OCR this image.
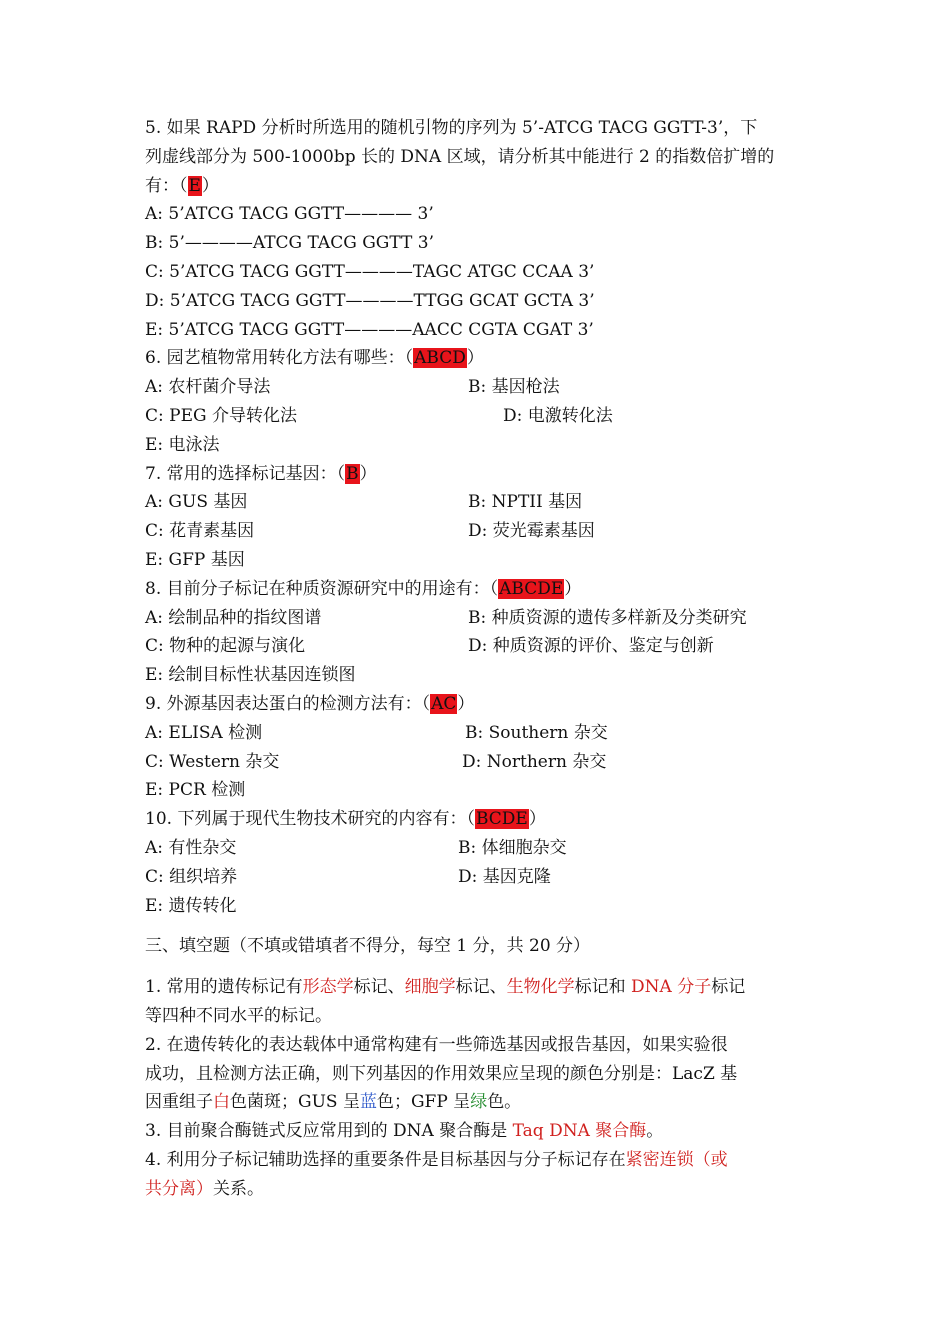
5. 如果 RAPD 分析时所选用的随机引物的序列为 5’-ATCG TACG GGTT-3’，下
列虚线部分为 500-1000bp 长的 DNA 区域，请分析其中能进行 2 的指数倍扩增的
有：（E）
A: 5’ATCG TACG GGTT———— 3’
B: 5’————ATCG TACG GGTT 3’
C: 5’ATCG TACG GGTT————TAGC ATGC CCAA 3’
D: 5’ATCG TACG GGTT————TTGG GCAT GCTA 3’
E: 5’ATCG TACG GGTT————AACC CGTA CGAT 3’
6. 园艺植物常用转化方法有哪些：（ABCD）
A: 农杆菌介导法	B: 基因枪法
C: PEG 介导转化法	D: 电激转化法
E: 电泳法
7. 常用的选择标记基因：（B）
A: GUS 基因	B: NPTII 基因
C: 花青素基因	D: 荧光霉素基因
E: GFP 基因
8. 目前分子标记在种质资源研究中的用途有：（ABCDE）
A: 绘制品种的指纹图谱	B: 种质资源的遗传多样新及分类研究
C: 物种的起源与演化	D: 种质资源的评价、鉴定与创新
E: 绘制目标性状基因连锁图
9. 外源基因表达蛋白的检测方法有：（AC）
A: ELISA 检测	B: Southern 杂交
C: Western 杂交	D: Northern 杂交
E: PCR 检测
10. 下列属于现代生物技术研究的内容有：（BCDE）
A: 有性杂交	B: 体细胞杂交
C: 组织培养	D: 基因克隆
E: 遗传转化
三、填空题（不填或错填者不得分，每空 1 分，共 20 分）
1. 常用的遗传标记有形态学标记、细胞学标记、生物化学标记和 DNA 分子标记
等四种不同水平的标记。
2. 在遗传转化的表达载体中通常构建有一些筛选基因或报告基因，如果实验很
成功，且检测方法正确，则下列基因的作用效果应呈现的颜色分别是：LacZ 基
因重组子白色菌斑；GUS 呈蓝色；GFP 呈绿色。
3. 目前聚合酶链式反应常用到的 DNA 聚合酶是 Taq DNA 聚合酶。
4. 利用分子标记辅助选择的重要条件是目标基因与分子标记存在紧密连锁（或
共分离）关系。
